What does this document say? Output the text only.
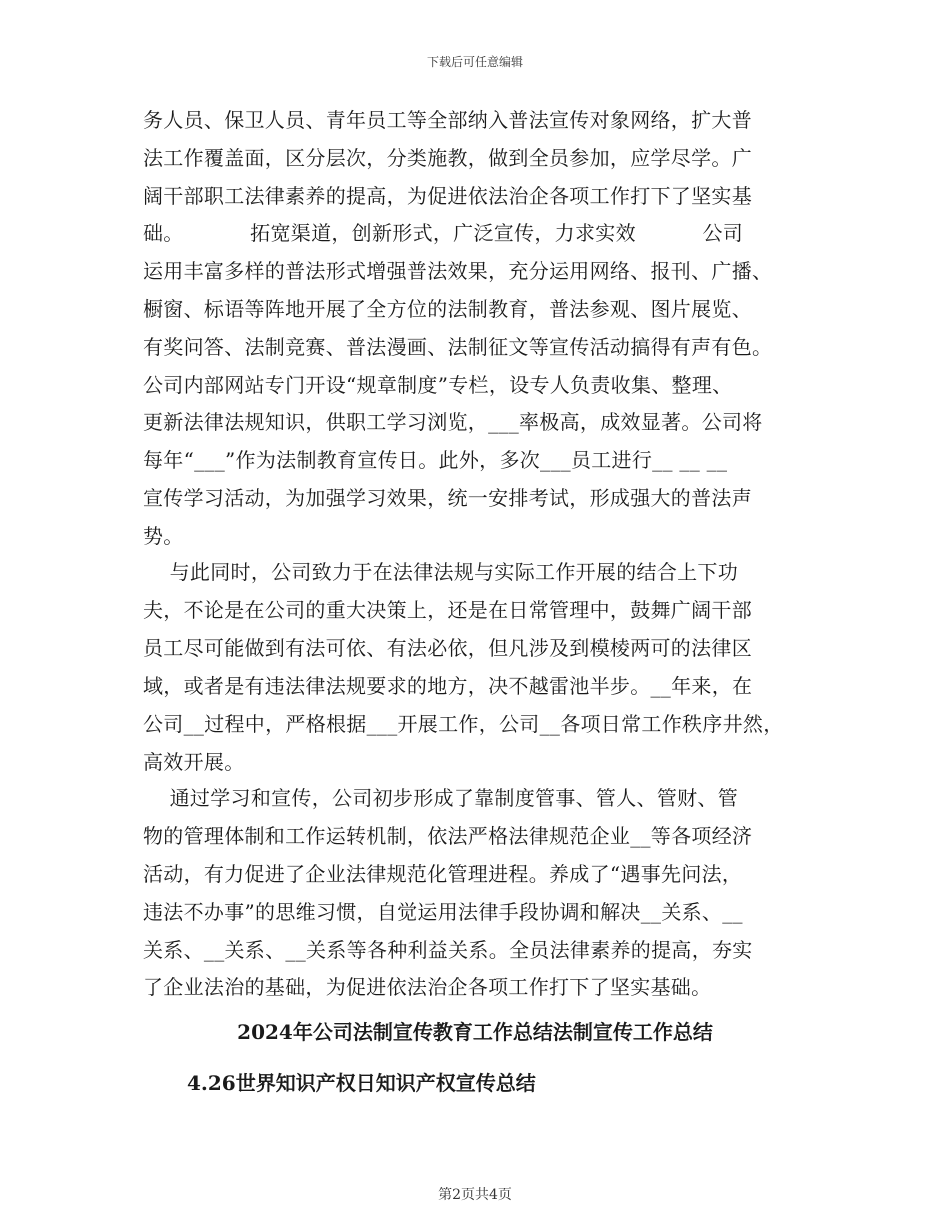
下载后可任意编辑
务人员、保卫人员、青年员工等全部纳入普法宣传对象网络，扩大普
法工作覆盖面，区分层次，分类施教，做到全员参加，应学尽学。广
阔干部职工法律素养的提高，为促进依法治企各项工作打下了坚实基
础。          拓宽渠道，创新形式，广泛宣传，力求实效          公司
运用丰富多样的普法形式增强普法效果，充分运用网络、报刊、广播、
橱窗、标语等阵地开展了全方位的法制教育，普法参观、图片展览、
有奖问答、法制竞赛、普法漫画、法制征文等宣传活动搞得有声有色。
公司内部网站专门开设“规章制度”专栏，设专人负责收集、整理、
更新法律法规知识，供职工学习浏览，___率极高，成效显著。公司将
每年“___”作为法制教育宣传日。此外，多次___员工进行__ __ __
宣传学习活动，为加强学习效果，统一安排考试，形成强大的普法声
势。
与此同时，公司致力于在法律法规与实际工作开展的结合上下功
夫，不论是在公司的重大决策上，还是在日常管理中，鼓舞广阔干部
员工尽可能做到有法可依、有法必依，但凡涉及到模棱两可的法律区
域，或者是有违法律法规要求的地方，决不越雷池半步。__年来，在
公司__过程中，严格根据___开展工作，公司__各项日常工作秩序井然，
高效开展。
通过学习和宣传，公司初步形成了靠制度管事、管人、管财、管
物的管理体制和工作运转机制，依法严格法律规范企业__等各项经济
活动，有力促进了企业法律规范化管理进程。养成了“遇事先问法，
违法不办事”的思维习惯，自觉运用法律手段协调和解决__关系、__
关系、__关系、__关系等各种利益关系。全员法律素养的提高，夯实
了企业法治的基础，为促进依法治企各项工作打下了坚实基础。
2024年公司法制宣传教育工作总结法制宣传工作总结
4.26世界知识产权日知识产权宣传总结
第2页共4页
